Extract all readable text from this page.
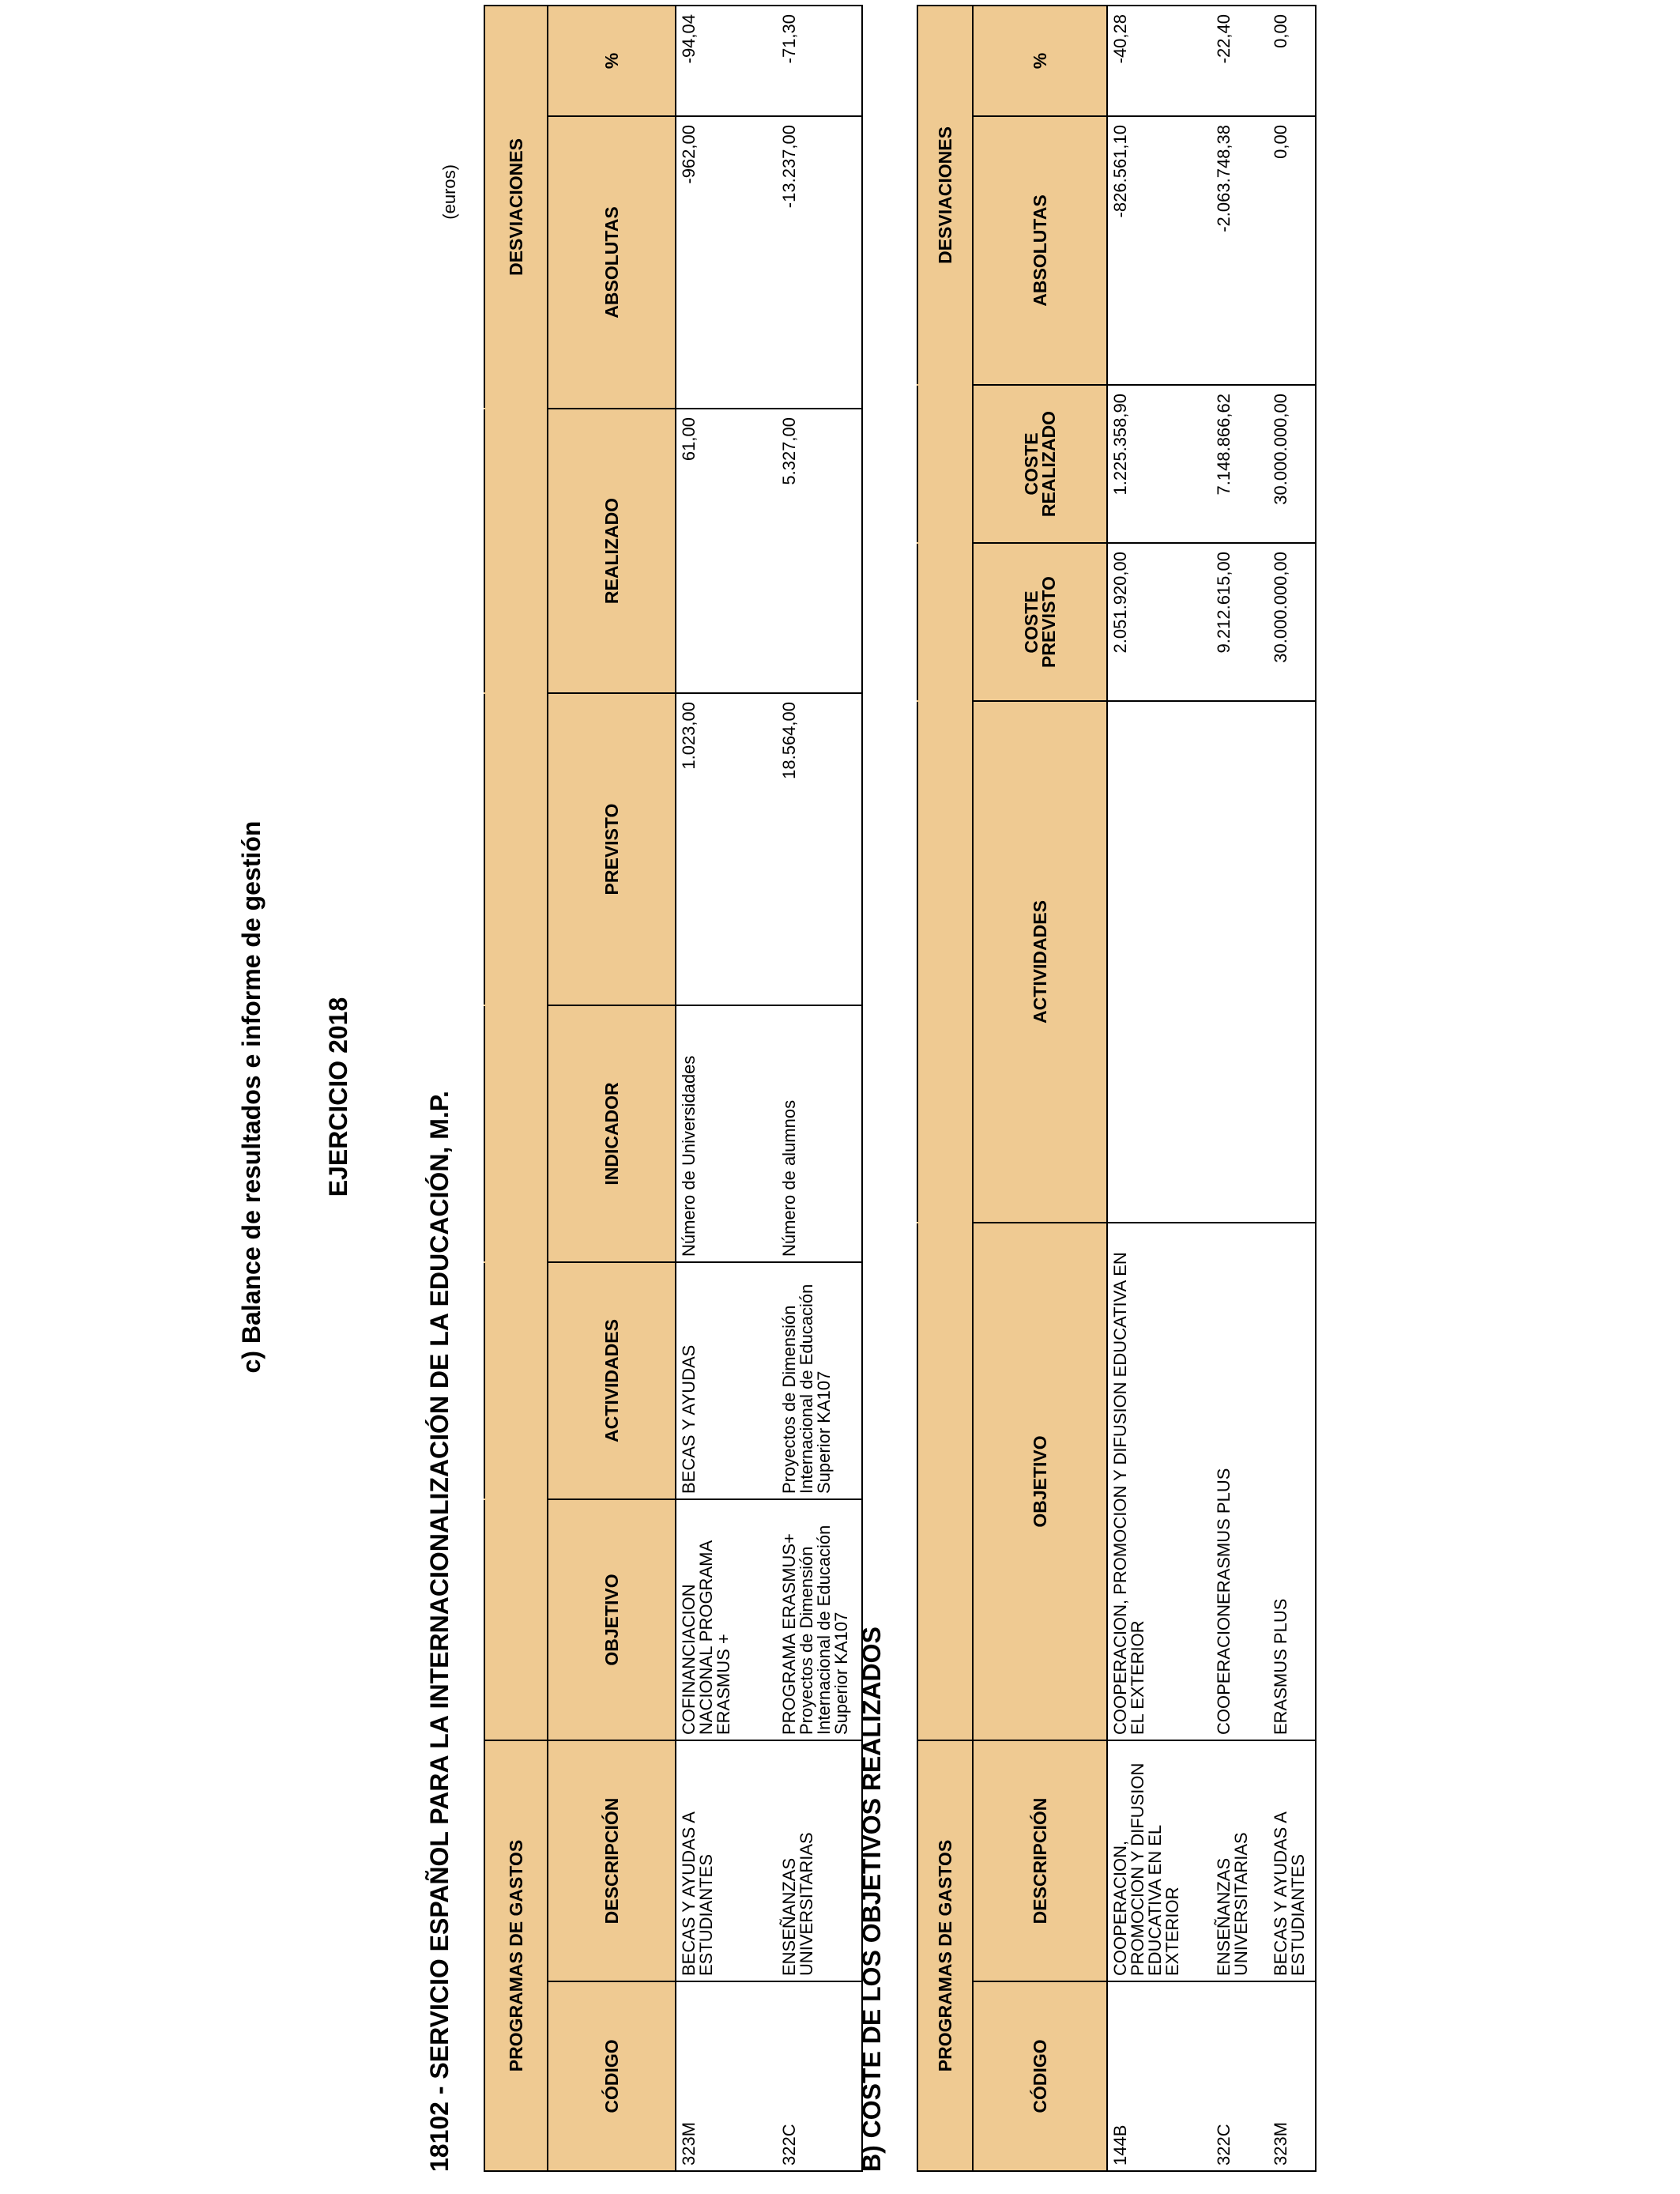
c) Balance de resultados e informe de gestión EJERCICIO 2018	18102 - SERVICIO ESPAÑOL PARA LA INTERNACIONALIZACIÓN DE LA EDUCACIÓN, M.P.
(euros)
PROGRAMAS DE GASTOS							DESVIACIONES	
CÓDIGO	DESCRIPCIÓN	OBJETIVO	ACTIVIDADES	INDICADOR	PREVISTO	REALIZADO	ABSOLUTAS	%
323M	BECAS Y AYUDAS A ESTUDIANTES	COFINANCIACION NACIONAL PROGRAMA ERASMUS +	BECAS Y AYUDAS	Número de Universidades	1.023,00	61,00	-962,00	-94,04
322C	ENSEÑANZAS UNIVERSITARIAS	PROGRAMA ERASMUS+ Proyectos de Dimensión Internacional de Educación Superior KA107	Proyectos de Dimensión Internacional de Educación Superior KA107	Número de alumnos	18.564,00	5.327,00	-13.237,00	-71,30
B) COSTE DE LOS OBJETIVOS REALIZADOS	PROGRAMAS DE GASTOS						DESVIACIONES	
CÓDIGO	DESCRIPCIÓN	OBJETIVO	ACTIVIDADES	COSTE PREVISTO	COSTE REALIZADO	ABSOLUTAS	%
144B	COOPERACION, PROMOCION Y DIFUSION EDUCATIVA EN EL EXTERIOR	COOPERACION, PROMOCION Y DIFUSION EDUCATIVA EN EL EXTERIOR		2.051.920,00	1.225.358,90	-826.561,10	-40,28
322C	ENSEÑANZAS UNIVERSITARIAS	COOPERACIONERASMUS PLUS		9.212.615,00	7.148.866,62	-2.063.748,38	-22,40
323M	BECAS Y AYUDAS A ESTUDIANTES	ERASMUS PLUS		30.000.000,00	30.000.000,00	0,00	0,00
